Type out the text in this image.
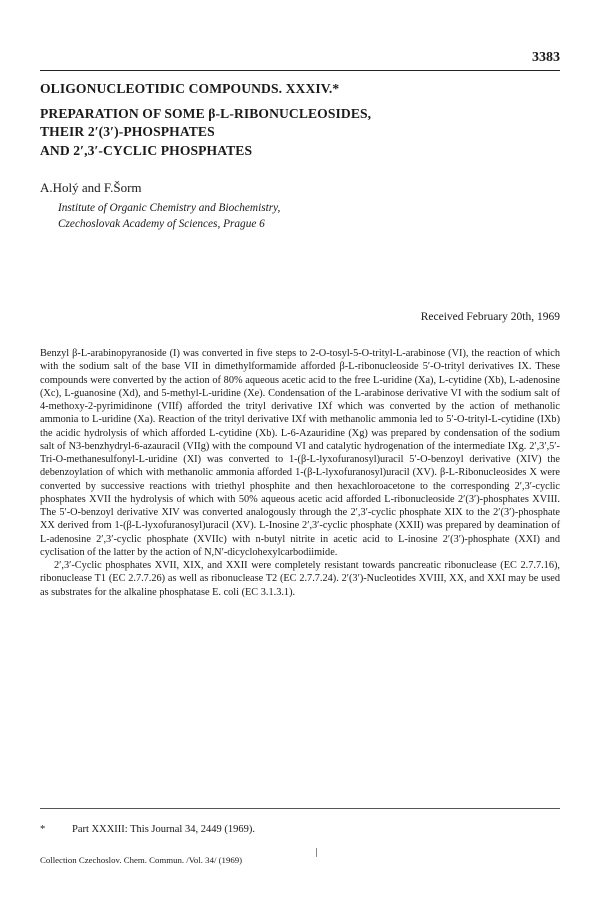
3383
OLIGONUCLEOTIDIC COMPOUNDS. XXXIV.*
PREPARATION OF SOME β-L-RIBONUCLEOSIDES,
THEIR 2′(3′)-PHOSPHATES
AND 2′,3′-CYCLIC PHOSPHATES
A.Holý and F.Šorm
Institute of Organic Chemistry and Biochemistry,
Czechoslovak Academy of Sciences, Prague 6
Received February 20th, 1969

Benzyl β-L-arabinopyranoside (I) was converted in five steps to 2-O-tosyl-5-O-trityl-L-arabinose (VI), the reaction of which with the sodium salt of the base VII in dimethylformamide afforded β-L-ribonucleoside 5′-O-trityl derivatives IX. These compounds were converted by the action of 80% aqueous acetic acid to the free L-uridine (Xa), L-cytidine (Xb), L-adenosine (Xc), L-guanosine (Xd), and 5-methyl-L-uridine (Xe). Condensation of the L-arabinose derivative VI with the sodium salt of 4-methoxy-2-pyrimidinone (VIIf) afforded the trityl derivative IXf which was converted by the action of methanolic ammonia to L-uridine (Xa). Reaction of the trityl derivative IXf with methanolic ammonia led to 5′-O-trityl-L-cytidine (IXb) the acidic hydrolysis of which afforded L-cytidine (Xb). L-6-Azauridine (Xg) was prepared by condensation of the sodium salt of N3-benzhydryl-6-azauracil (VIIg) with the compound VI and catalytic hydrogenation of the intermediate IXg. 2′,3′,5′-Tri-O-methanesulfonyl-L-uridine (XI) was converted to 1-(β-L-lyxofuranosyl)uracil 5′-O-benzoyl derivative (XIV) the debenzoylation of which with methanolic ammonia afforded 1-(β-L-lyxofuranosyl)uracil (XV). β-L-Ribonucleosides X were converted by successive reactions with triethyl phosphite and then hexachloroacetone to the corresponding 2′,3′-cyclic phosphates XVII the hydrolysis of which with 50% aqueous acetic acid afforded L-ribonucleoside 2′(3′)-phosphates XVIII. The 5′-O-benzoyl derivative XIV was converted analogously through the 2′,3′-cyclic phosphate XIX to the 2′(3′)-phosphate XX derived from 1-(β-L-lyxofuranosyl)uracil (XV). L-Inosine 2′,3′-cyclic phosphate (XXII) was prepared by deamination of L-adenosine 2′,3′-cyclic phosphate (XVIIc) with n-butyl nitrite in acetic acid to L-inosine 2′(3′)-phosphate (XXI) and cyclisation of the latter by the action of N,N′-dicyclohexylcarbodiimide.

2′,3′-Cyclic phosphates XVII, XIX, and XXII were completely resistant towards pancreatic ribonuclease (EC 2.7.7.16), ribonuclease T1 (EC 2.7.7.26) as well as ribonuclease T2 (EC 2.7.7.24). 2′(3′)-Nucleotides XVIII, XX, and XXI may be used as substrates for the alkaline phosphatase E. coli (EC 3.1.3.1).

*	Part XXXIII: This Journal 34, 2449 (1969).
Collection Czechoslov. Chem. Commun. /Vol. 34/ (1969)
